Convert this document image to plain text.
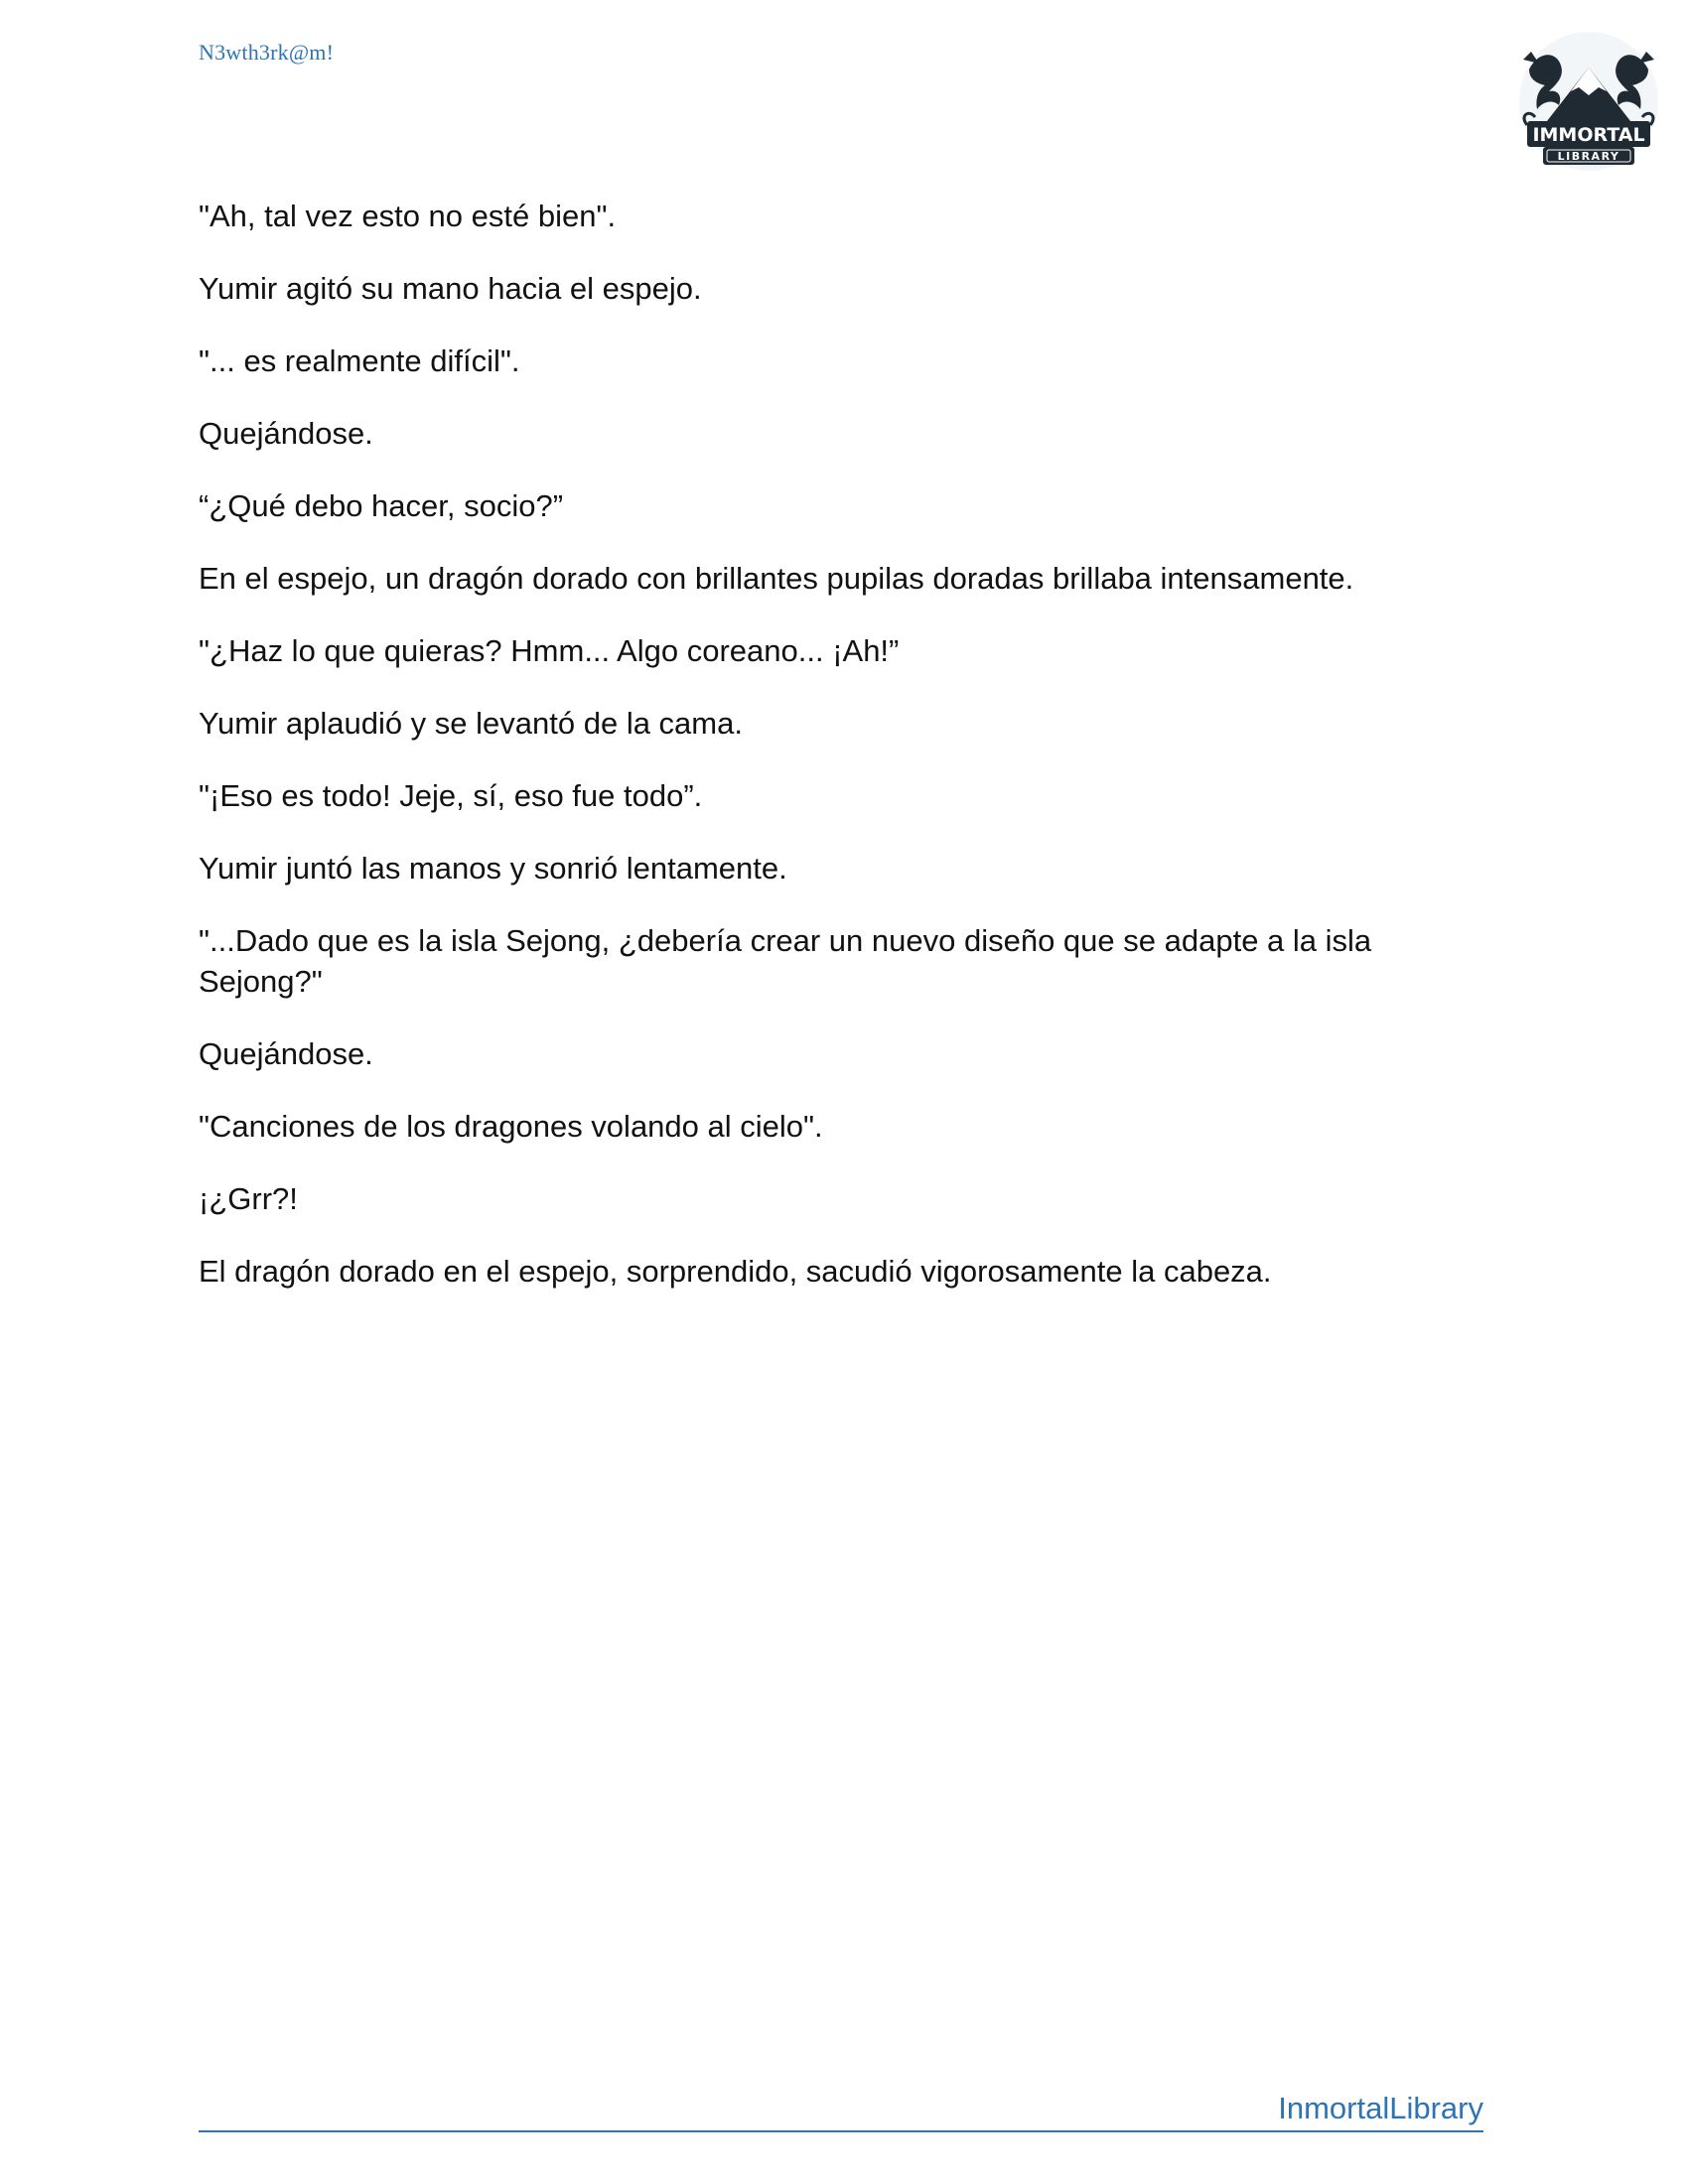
N3wth3rk@m!
IMMORTAL
LIBRARY

"Ah, tal vez esto no esté bien".

Yumir agitó su mano hacia el espejo.

"... es realmente difícil".

Quejándose.

“¿Qué debo hacer, socio?”

En el espejo, un dragón dorado con brillantes pupilas doradas brillaba intensamente.

"¿Haz lo que quieras? Hmm... Algo coreano... ¡Ah!”

Yumir aplaudió y se levantó de la cama.

"¡Eso es todo! Jeje, sí, eso fue todo”.

Yumir juntó las manos y sonrió lentamente.

"...Dado que es la isla Sejong, ¿debería crear un nuevo diseño que se adapte a la isla Sejong?"

Quejándose.

"Canciones de los dragones volando al cielo".

¡¿Grr?!

El dragón dorado en el espejo, sorprendido, sacudió vigorosamente la cabeza.

InmortalLibrary
